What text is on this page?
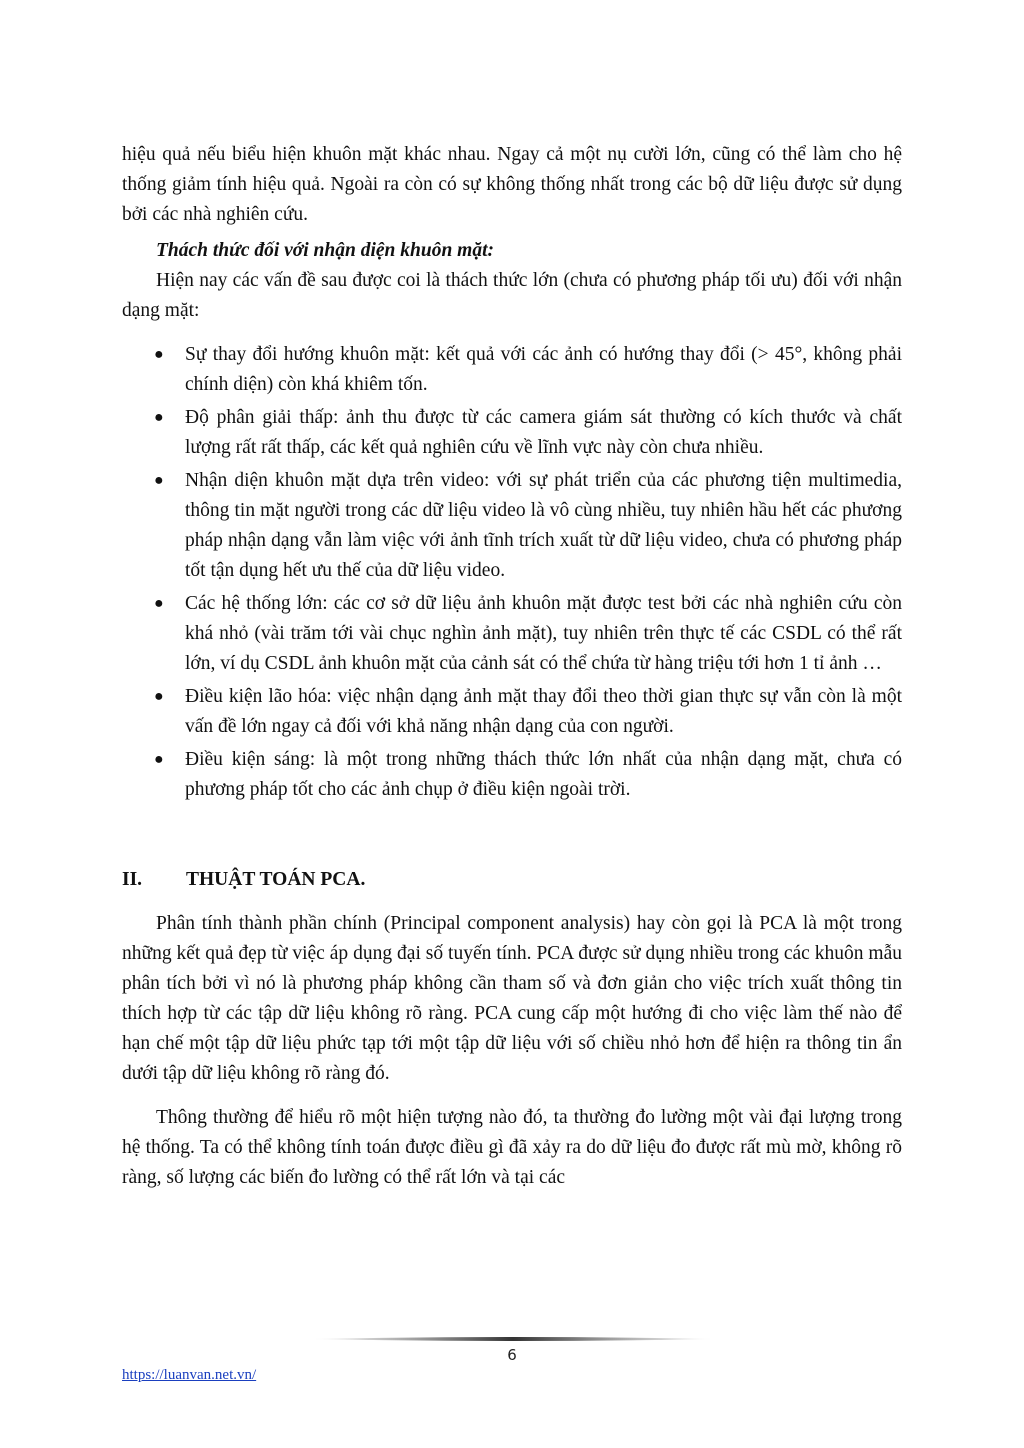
hiệu quả nếu biểu hiện khuôn mặt khác nhau. Ngay cả một nụ cười lớn, cũng có thể làm cho hệ thống giảm tính hiệu quả. Ngoài ra còn có sự không thống nhất trong các bộ dữ liệu được sử dụng bởi các nhà nghiên cứu.

Thách thức đối với nhận diện khuôn mặt:

Hiện nay các vấn đề sau được coi là thách thức lớn (chưa có phương pháp tối ưu) đối với nhận dạng mặt:

● Sự thay đổi hướng khuôn mặt: kết quả với các ảnh có hướng thay đổi (> 45°, không phải chính diện) còn khá khiêm tốn.
● Độ phân giải thấp: ảnh thu được từ các camera giám sát thường có kích thước và chất lượng rất rất thấp, các kết quả nghiên cứu về lĩnh vực này còn chưa nhiều.
● Nhận diện khuôn mặt dựa trên video: với sự phát triển của các phương tiện multimedia, thông tin mặt người trong các dữ liệu video là vô cùng nhiều, tuy nhiên hầu hết các phương pháp nhận dạng vẫn làm việc với ảnh tĩnh trích xuất từ dữ liệu video, chưa có phương pháp tốt tận dụng hết ưu thế của dữ liệu video.
● Các hệ thống lớn: các cơ sở dữ liệu ảnh khuôn mặt được test bởi các nhà nghiên cứu còn khá nhỏ (vài trăm tới vài chục nghìn ảnh mặt), tuy nhiên trên thực tế các CSDL có thể rất lớn, ví dụ CSDL ảnh khuôn mặt của cảnh sát có thể chứa từ hàng triệu tới hơn 1 tỉ ảnh …
● Điều kiện lão hóa: việc nhận dạng ảnh mặt thay đổi theo thời gian thực sự vẫn còn là một vấn đề lớn ngay cả đối với khả năng nhận dạng của con người.
● Điều kiện sáng: là một trong những thách thức lớn nhất của nhận dạng mặt, chưa có phương pháp tốt cho các ảnh chụp ở điều kiện ngoài trời.
II.	THUẬT TOÁN PCA.

Phân tính thành phần chính (Principal component analysis) hay còn gọi là PCA là một trong những kết quả đẹp từ việc áp dụng đại số tuyến tính. PCA được sử dụng nhiều trong các khuôn mẫu phân tích bởi vì nó là phương pháp không cần tham số và đơn giản cho việc trích xuất thông tin thích hợp từ các tập dữ liệu không rõ ràng. PCA cung cấp một hướng đi cho việc làm thế nào để hạn chế một tập dữ liệu phức tạp tới một tập dữ liệu với số chiều nhỏ hơn để hiện ra thông tin ẩn dưới tập dữ liệu không rõ ràng đó.

Thông thường để hiểu rõ một hiện tượng nào đó, ta thường đo lường một vài đại lượng trong hệ thống. Ta có thể không tính toán được điều gì đã xảy ra do dữ liệu đo được rất mù mờ, không rõ ràng, số lượng các biến đo lường có thể rất lớn và tại các

6
https://luanvan.net.vn/
